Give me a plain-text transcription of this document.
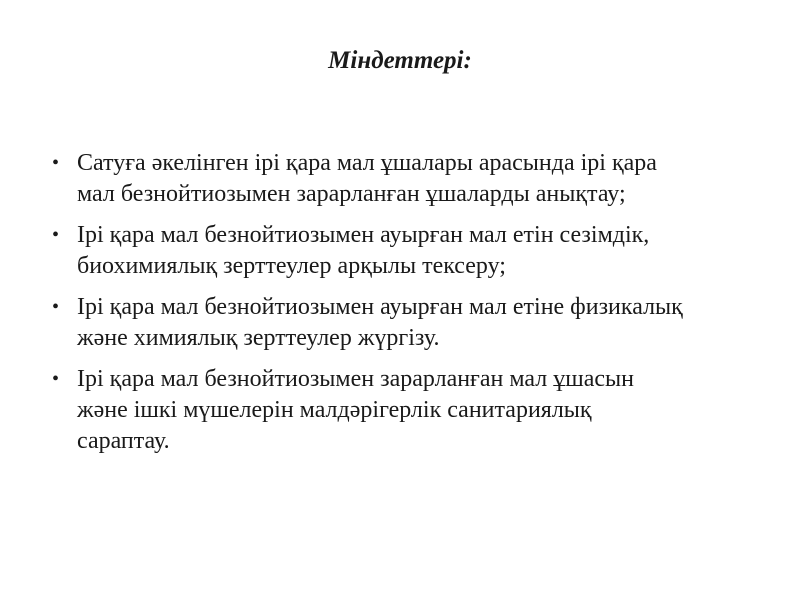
Міндеттері:
• Сатуға әкелінген ірі қара мал ұшалары арасында ірі қара
мал безнойтиозымен зарарланған ұшаларды анықтау;
• Ірі қара мал безнойтиозымен ауырған мал етін сезімдік,
биохимиялық зерттеулер арқылы тексеру;
• Ірі қара мал безнойтиозымен ауырған мал етіне физикалық
және химиялық зерттеулер жүргізу.
• Ірі қара мал безнойтиозымен зарарланған мал ұшасын
және ішкі мүшелерін малдәрігерлік санитариялық
сараптау.
